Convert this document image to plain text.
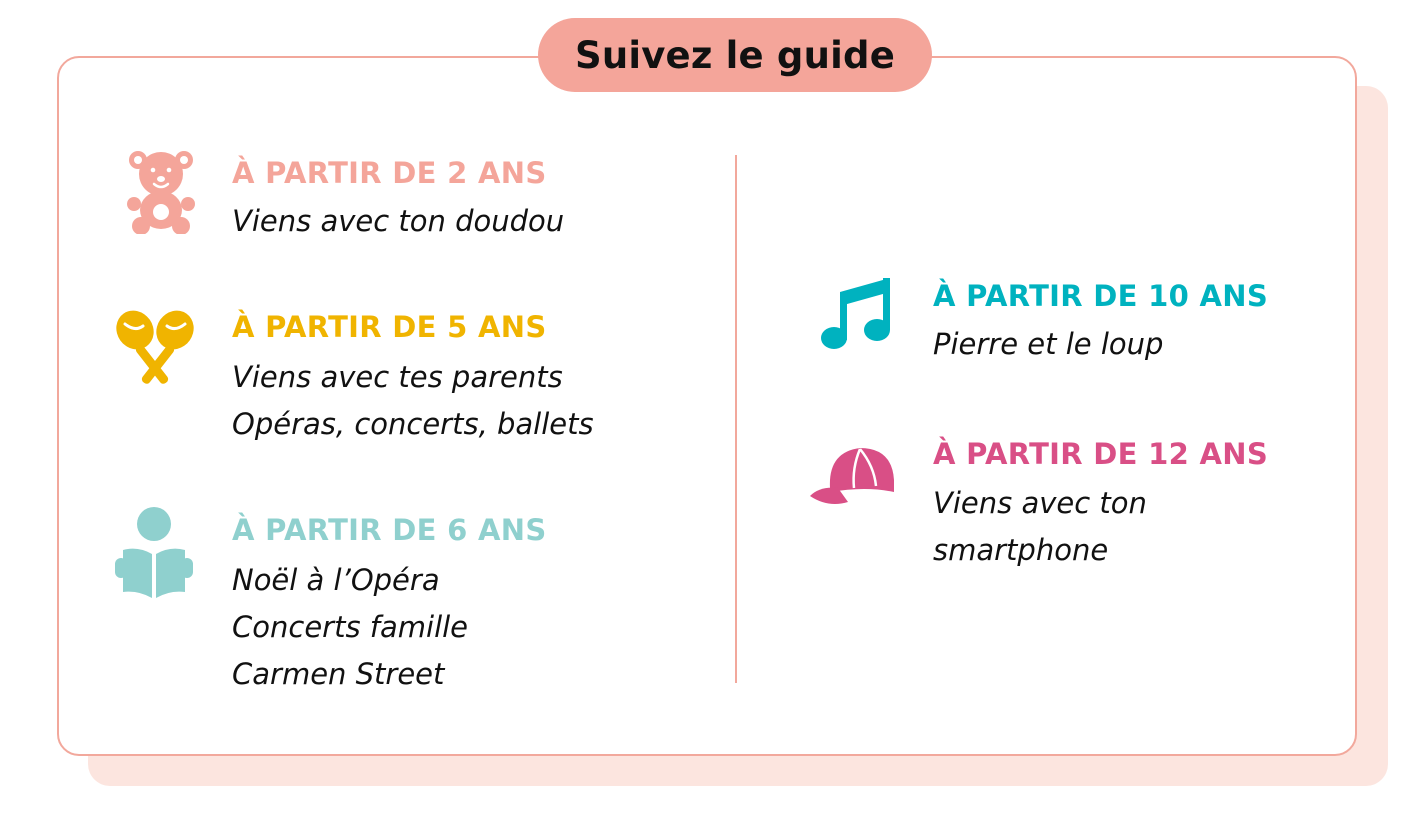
Suivez le guide
À PARTIR DE 2 ANS
Viens avec ton doudou
À PARTIR DE 5 ANS
Viens avec tes parents
Opéras, concerts, ballets
À PARTIR DE 6 ANS
Noël à l’Opéra
Concerts famille
Carmen Street
À PARTIR DE 10 ANS
Pierre et le loup
À PARTIR DE 12 ANS
Viens avec ton
smartphone
